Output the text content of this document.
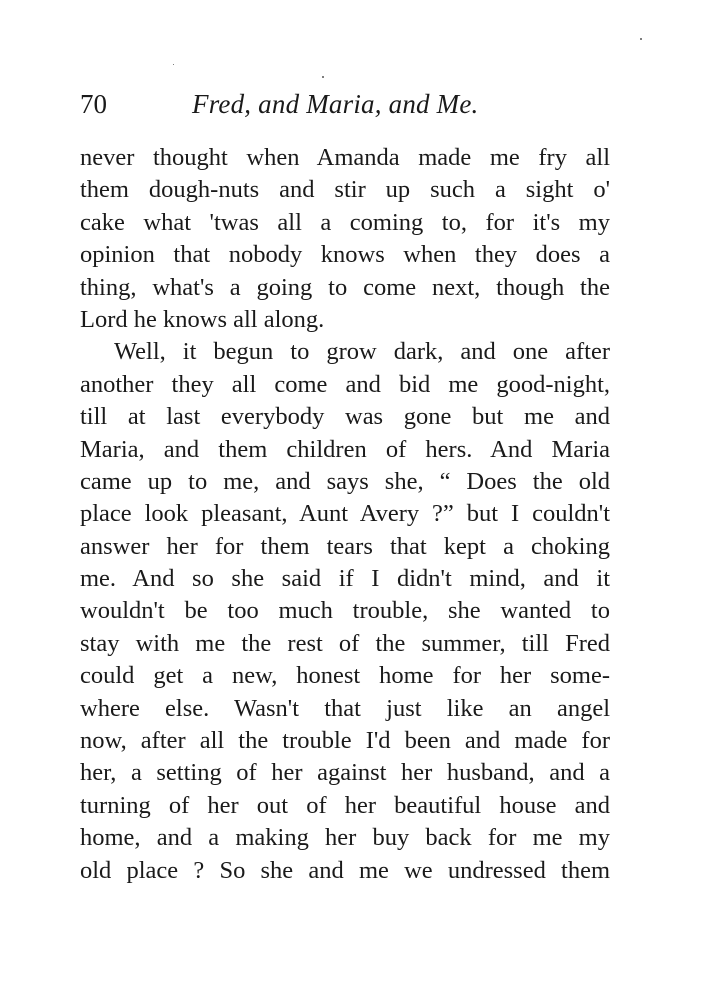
70	Fred, and Maria, and Me.
never thought when Amanda made me fry all
them dough-nuts and stir up such a sight o'
cake what 'twas all a coming to, for it's my
opinion that nobody knows when they does a
thing, what's a going to come next, though the
Lord he knows all along.
Well, it begun to grow dark, and one after
another they all come and bid me good-night,
till at last everybody was gone but me and
Maria, and them children of hers. And Maria
came up to me, and says she, “ Does the old
place look pleasant, Aunt Avery ?” but I couldn't
answer her for them tears that kept a choking
me. And so she said if I didn't mind, and it
wouldn't be too much trouble, she wanted to
stay with me the rest of the summer, till Fred
could get a new, honest home for her some-
where else. Wasn't that just like an angel
now, after all the trouble I'd been and made for
her, a setting of her against her husband, and a
turning of her out of her beautiful house and
home, and a making her buy back for me my
old place ? So she and me we undressed them
